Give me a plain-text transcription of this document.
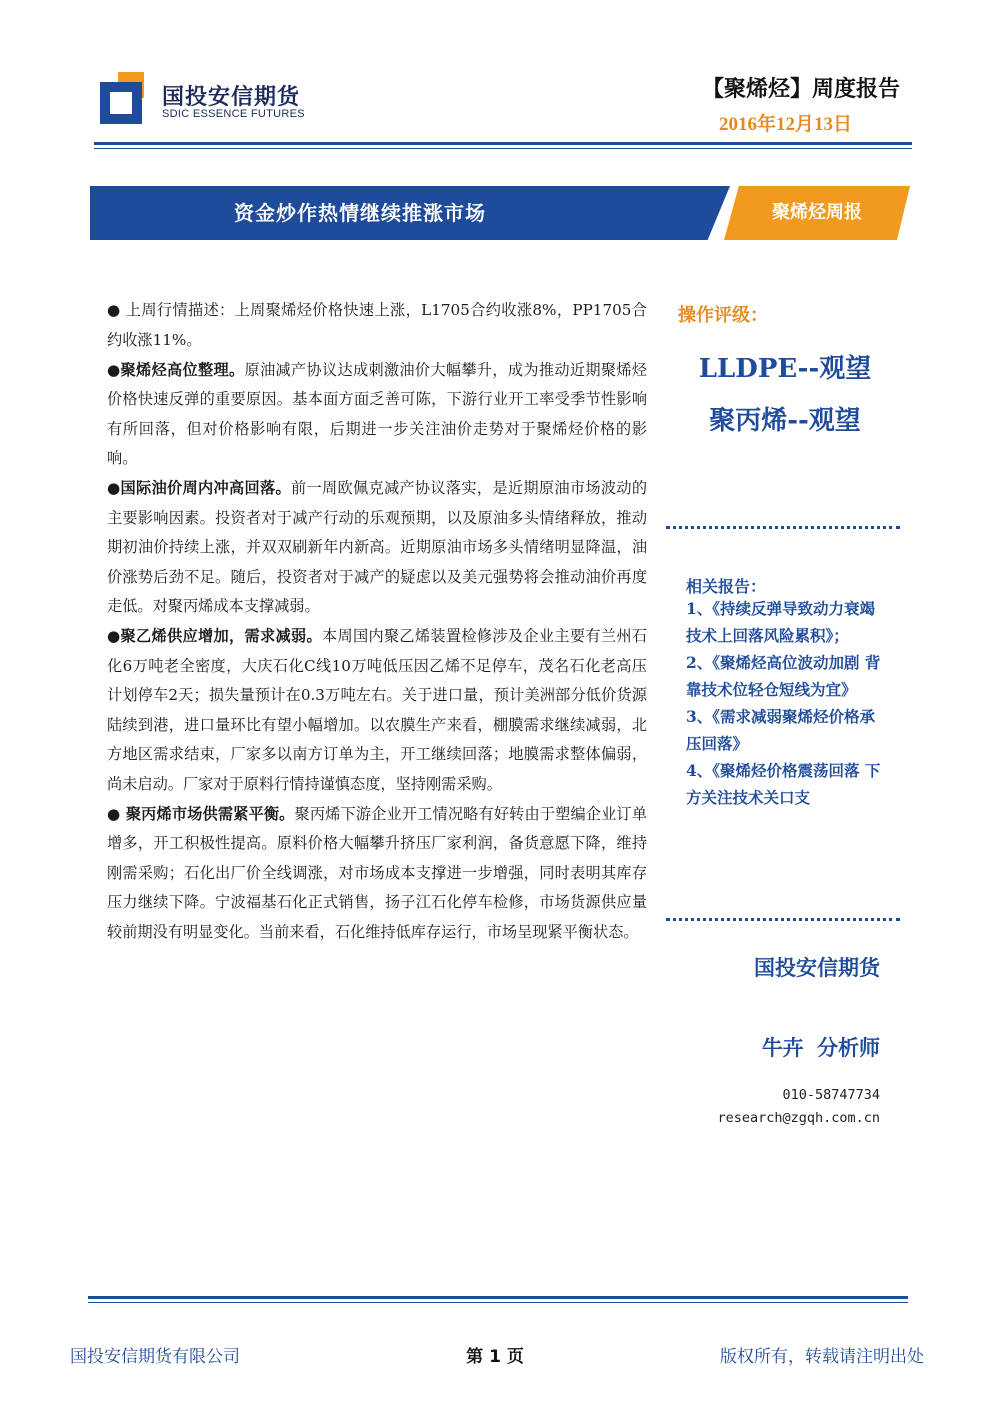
国投安信期货
SDIC ESSENCE FUTURES
【聚烯烃】周度报告
2016年12月13日
资金炒作热情继续推涨市场	聚烯烃周报

● 上周行情描述：上周聚烯烃价格快速上涨，L1705合约收涨8%，PP1705合约收涨11%。

●聚烯烃高位整理。原油减产协议达成刺激油价大幅攀升，成为推动近期聚烯烃价格快速反弹的重要原因。基本面方面乏善可陈，下游行业开工率受季节性影响有所回落，但对价格影响有限，后期进一步关注油价走势对于聚烯烃价格的影响。

●国际油价周内冲高回落。前一周欧佩克减产协议落实，是近期原油市场波动的主要影响因素。投资者对于减产行动的乐观预期，以及原油多头情绪释放，推动期初油价持续上涨，并双双刷新年内新高。近期原油市场多头情绪明显降温，油价涨势后劲不足。随后，投资者对于减产的疑虑以及美元强势将会推动油价再度走低。对聚丙烯成本支撑减弱。

●聚乙烯供应增加，需求减弱。本周国内聚乙烯装置检修涉及企业主要有兰州石化6万吨老全密度，大庆石化C线10万吨低压因乙烯不足停车，茂名石化老高压计划停车2天；损失量预计在0.3万吨左右。关于进口量，预计美洲部分低价货源陆续到港，进口量环比有望小幅增加。以农膜生产来看，棚膜需求继续减弱，北方地区需求结束，厂家多以南方订单为主，开工继续回落；地膜需求整体偏弱，尚未启动。厂家对于原料行情持谨慎态度，坚持刚需采购。

● 聚丙烯市场供需紧平衡。聚丙烯下游企业开工情况略有好转由于塑编企业订单增多，开工积极性提高。原料价格大幅攀升挤压厂家利润，备货意愿下降，维持刚需采购；石化出厂价全线调涨，对市场成本支撑进一步增强，同时表明其库存压力继续下降。宁波福基石化正式销售，扬子江石化停车检修，市场货源供应量较前期没有明显变化。当前来看，石化维持低库存运行，市场呈现紧平衡状态。

操作评级：
LLDPE--观望
聚丙烯--观望
相关报告：
1、《持续反弹导致动力衰竭 技术上回落风险累积》；
2、《聚烯烃高位波动加剧 背靠技术位轻仓短线为宜》
3、《需求减弱聚烯烃价格承压回落》
4、《聚烯烃价格震荡回落 下方关注技术关口支
国投安信期货
牛卉 分析师
010-58747734
research@zgqh.com.cn
国投安信期货有限公司	第 1 页	版权所有，转载请注明出处
